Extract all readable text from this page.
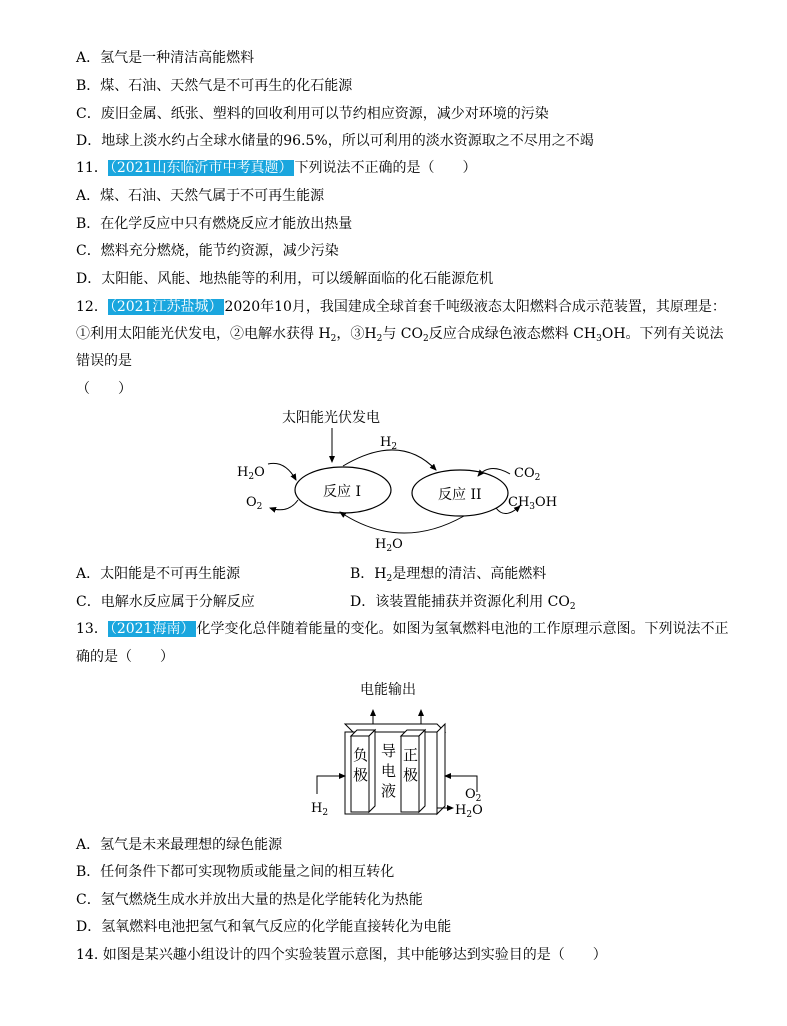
A．氢气是一种清洁高能燃料
B．煤、石油、天然气是不可再生的化石能源
C．废旧金属、纸张、塑料的回收利用可以节约相应资源，减少对环境的污染
D．地球上淡水约占全球水储量的96.5%，所以可利用的淡水资源取之不尽用之不竭
11． （2021山东临沂市中考真题） 下列说法不正确的是（　　）
A．煤、石油、天然气属于不可再生能源
B．在化学反应中只有燃烧反应才能放出热量
C．燃料充分燃烧，能节约资源，减少污染
D．太阳能、风能、地热能等的利用，可以缓解面临的化石能源危机
12． （2021江苏盐城） 2020年10月，我国建成全球首套千吨级液态太阳燃料合成示范装置，其原理是：
①利用太阳能光伏发电，②电解水获得 $H_2$，$③H_2$与 $CO_2$反应合成绿色液态燃料 $CH_3OH$。下列有关说法
错误的是
（　　）
太阳能光伏发电
反应 I	反应 II
$H_2$
$H_2O$
$H_2O$
$O_2$
$CO_2$
$CH_3OH$
A．太阳能是不可再生能源	B．$H_2$是理想的清洁、高能燃料
C．电解水反应属于分解反应	D．该装置能捕获并资源化利用 $CO_2$
13． （2021海南） 化学变化总伴随着能量的变化。如图为氢氧燃料电池的工作原理示意图。下列说法不正
确的是（　　）
电能输出
负
极
导
电
液
正
极
$H_2$
$O_2$
$H_2O$
A．氢气是未来最理想的绿色能源
B．任何条件下都可实现物质或能量之间的相互转化
C．氢气燃烧生成水并放出大量的热是化学能转化为热能
D．氢氧燃料电池把氢气和氧气反应的化学能直接转化为电能
14. 如图是某兴趣小组设计的四个实验装置示意图，其中能够达到实验目的是（　　）
